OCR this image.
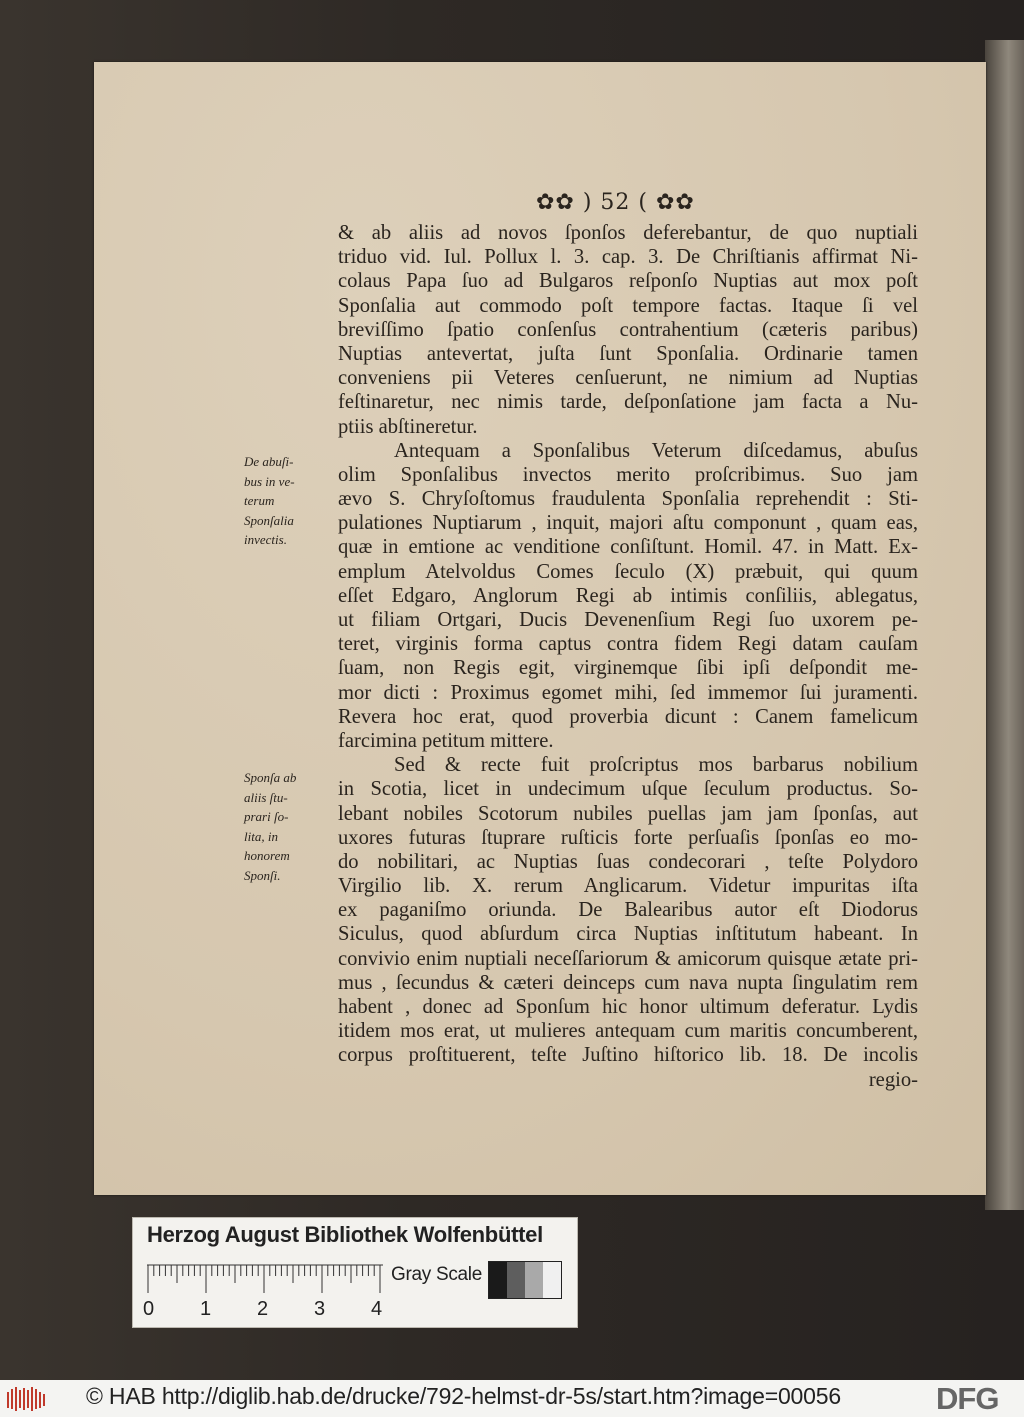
✿✿ ) 52 ( ✿✿
De abuſi-
bus in ve-
terum
Sponſalia
invectis.
Sponſa ab
aliis ſtu-
prari ſo-
lita, in
honorem
Sponſi.
& ab aliis ad novos ſponſos deferebantur, de quo nuptiali
triduo vid. Iul. Pollux l. 3. cap. 3. De Chriſtianis affirmat Ni-
colaus Papa ſuo ad Bulgaros reſponſo Nuptias aut mox poſt
Sponſalia aut commodo poſt tempore factas. Itaque ſi vel
breviſſimo ſpatio conſenſus contrahentium (cæteris paribus)
Nuptias antevertat, juſta ſunt Sponſalia. Ordinarie tamen
conveniens pii Veteres cenſuerunt, ne nimium ad Nuptias
feſtinaretur, nec nimis tarde, deſponſatione jam facta a Nu-
ptiis abſtineretur.
Antequam a Sponſalibus Veterum diſcedamus, abuſus
olim Sponſalibus invectos merito proſcribimus. Suo jam
ævo S. Chryſoſtomus fraudulenta Sponſalia reprehendit : Sti-
pulationes Nuptiarum , inquit, majori aſtu componunt , quam eas,
quæ in emtione ac venditione conſiſtunt. Homil. 47. in Matt. Ex-
emplum Atelvoldus Comes ſeculo (X) præbuit, qui quum
eſſet Edgaro, Anglorum Regi ab intimis conſiliis, ablegatus,
ut filiam Ortgari, Ducis Devenenſium Regi ſuo uxorem pe-
teret, virginis forma captus contra fidem Regi datam cauſam
ſuam, non Regis egit, virginemque ſibi ipſi deſpondit me-
mor dicti : Proximus egomet mihi, ſed immemor ſui juramenti.
Revera hoc erat, quod proverbia dicunt : Canem famelicum
farcimina petitum mittere.
Sed & recte fuit proſcriptus mos barbarus nobilium
in Scotia, licet in undecimum uſque ſeculum productus. So-
lebant nobiles Scotorum nubiles puellas jam jam ſponſas, aut
uxores futuras ſtuprare ruſticis forte perſuaſis ſponſas eo mo-
do nobilitari, ac Nuptias ſuas condecorari , teſte Polydoro
Virgilio lib. X. rerum Anglicarum. Videtur impuritas iſta
ex paganiſmo oriunda. De Balearibus autor eſt Diodorus
Siculus, quod abſurdum circa Nuptias inſtitutum habeant. In
convivio enim nuptiali neceſſariorum & amicorum quisque ætate pri-
mus , ſecundus & cæteri deinceps cum nava nupta ſingulatim rem
habent , donec ad Sponſum hic honor ultimum deferatur. Lydis
itidem mos erat, ut mulieres antequam cum maritis concumberent,
corpus proſtituerent, teſte Juſtino hiſtorico lib. 18. De incolis
regio-
Herzog August Bibliothek Wolfenbüttel
0 1 2 3 4
Gray Scale
© HAB http://diglib.hab.de/drucke/792-helmst-dr-5s/start.htm?image=00056	DFG
